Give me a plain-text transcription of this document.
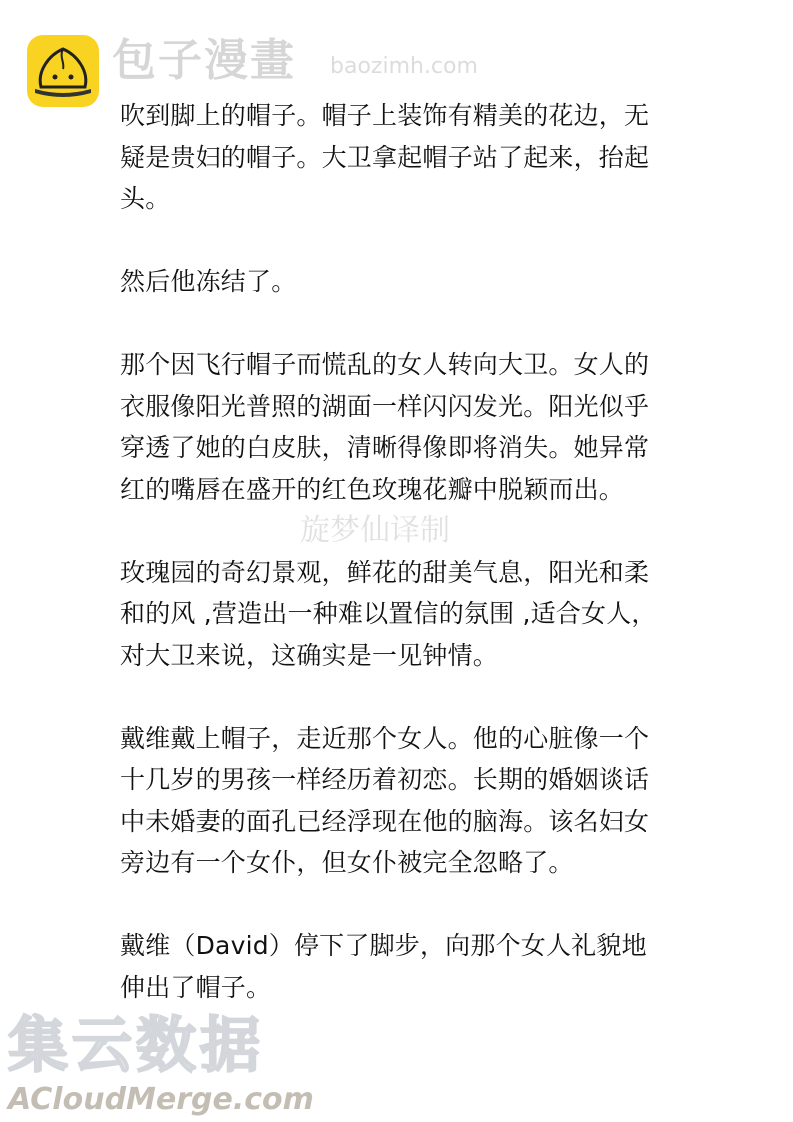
包子漫畫 baozimh.com
吹到脚上的帽子。帽子上装饰有精美的花边，无
疑是贵妇的帽子。大卫拿起帽子站了起来，抬起
头。
然后他冻结了。
那个因飞行帽子而慌乱的女人转向大卫。女人的
衣服像阳光普照的湖面一样闪闪发光。阳光似乎
穿透了她的白皮肤，清晰得像即将消失。她异常
红的嘴唇在盛开的红色玫瑰花瓣中脱颖而出。
玫瑰园的奇幻景观，鲜花的甜美气息，阳光和柔
和的风 ,营造出一种难以置信的氛围 ,适合女人，
对大卫来说，这确实是一见钟情。
戴维戴上帽子，走近那个女人。他的心脏像一个
十几岁的男孩一样经历着初恋。长期的婚姻谈话
中未婚妻的面孔已经浮现在他的脑海。该名妇女
旁边有一个女仆，但女仆被完全忽略了。
戴维（David）停下了脚步，向那个女人礼貌地
伸出了帽子。
旋梦仙译制
集云数据
ACloudMerge.com
